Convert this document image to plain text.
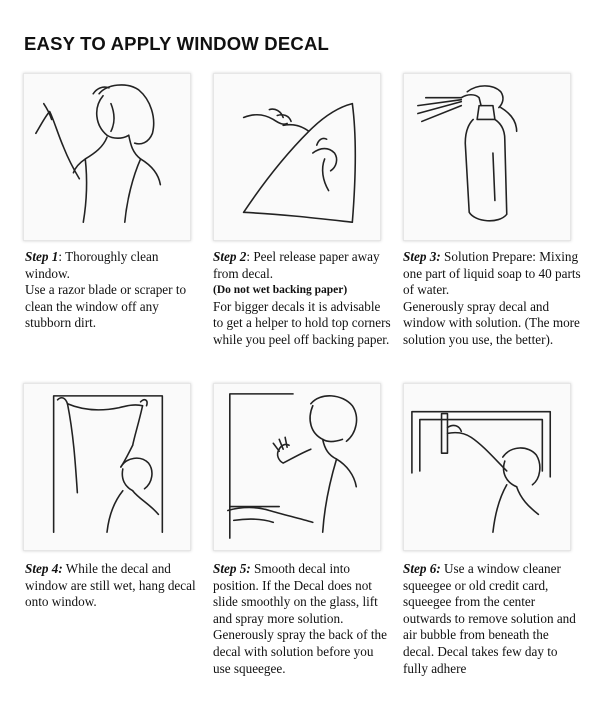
EASY TO APPLY WINDOW DECAL
Step 1: Thoroughly clean window.
Use a razor blade or scraper to clean the window off any stubborn dirt.
Step 2: Peel release paper away from decal.
(Do not wet backing paper)
For bigger decals it is advisable to get a helper to hold top corners while you peel off backing paper.
Step 3: Solution Prepare: Mixing one part of liquid soap to 40 parts of water.
Generously spray decal and window with solution. (The more solution you use, the better).
Step 4: While the decal and window are still wet, hang decal onto window.
Step 5: Smooth decal into position. If the Decal does not slide smoothly on the glass, lift and spray more solution. Generously spray the back of the decal with solution before you use squeegee.
Step 6: Use a window cleaner squeegee or old credit card, squeegee from the center outwards to remove solution and air bubble from beneath the decal. Decal takes few day to fully adhere
